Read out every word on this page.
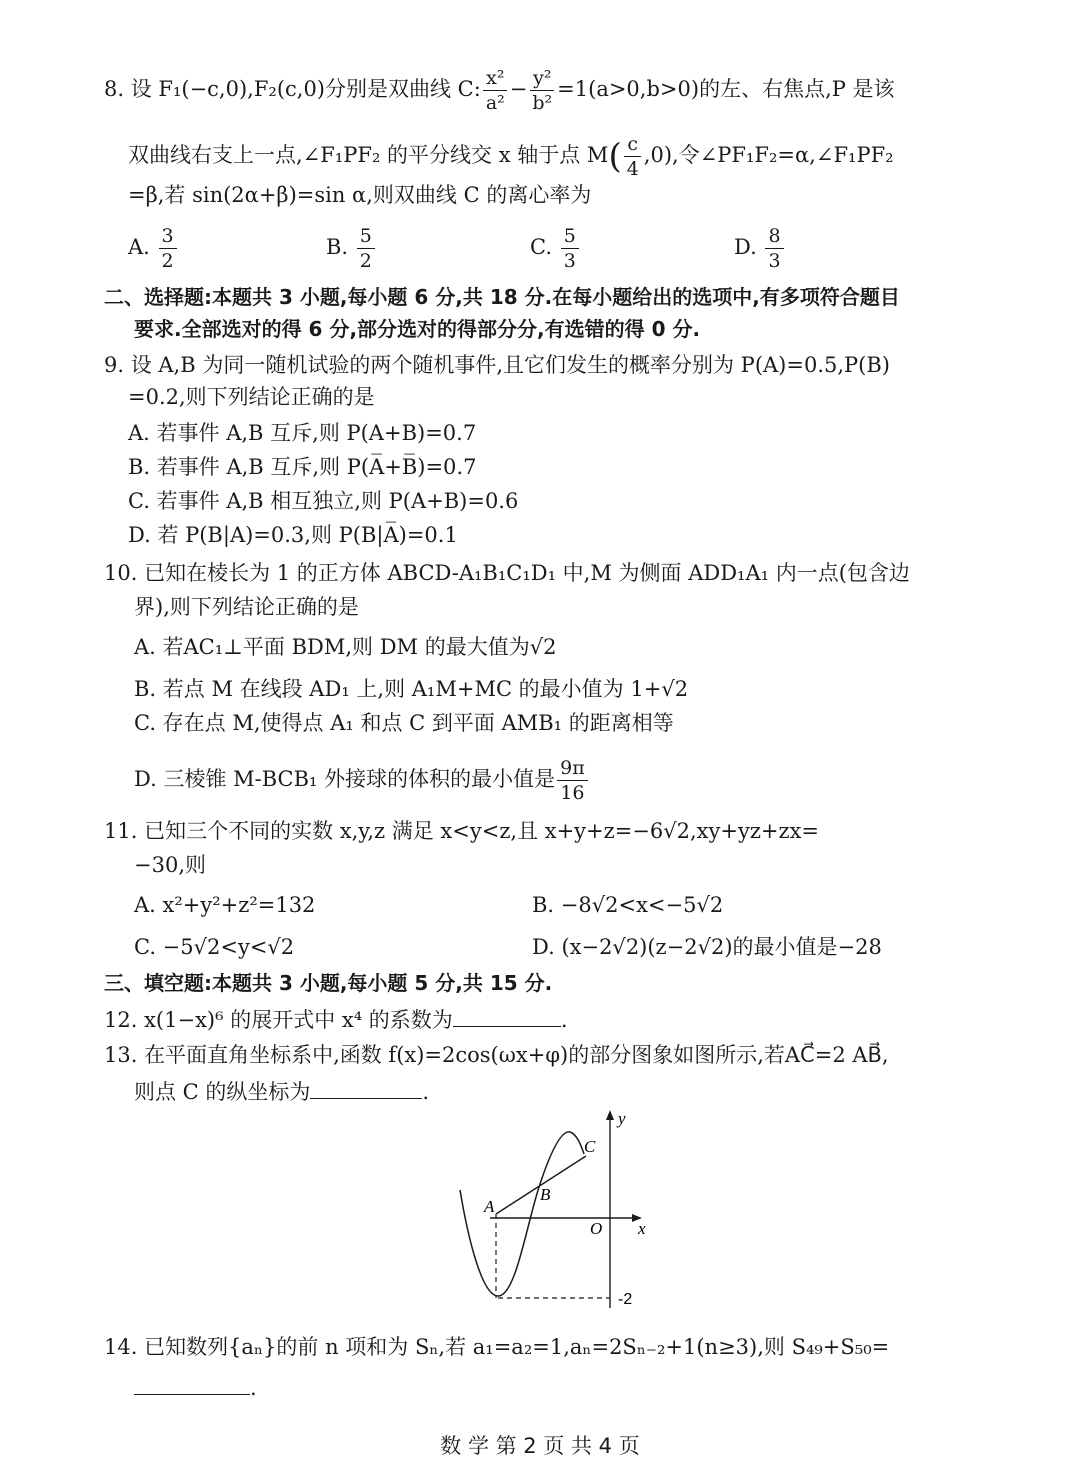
8. 设 F₁(−c,0),F₂(c,0)分别是双曲线 C: $\frac{\text{x²}}{\text{a²}} - \frac{\text{y²}}{\text{b²}} =1(a>0,b>0)$的左、右焦点,P 是该
双曲线右支上一点,∠F₁PF₂ 的平分线交 x 轴于点 $M( \frac{c}{4} ,0)$,令∠PF₁F₂=α,∠F₁PF₂
=β,若 sin(2α+β)=sin α,则双曲线 C 的离心率为
A. $\frac{3}{2}$	B. $\frac{5}{2}$	C. $\frac{5}{3}$	D. $\frac{8}{3}$
二、选择题:本题共 3 小题,每小题 6 分,共 18 分.在每小题给出的选项中,有多项符合题目
要求.全部选对的得 6 分,部分选对的得部分分,有选错的得 0 分.
9. 设 A,B 为同一随机试验的两个随机事件,且它们发生的概率分别为 P(A)=0.5,P(B)
=0.2,则下列结论正确的是
A. 若事件 A,B 互斥,则 P(A+B)=0.7
B. 若事件 A,B 互斥,则 P(A̅+B̅)=0.7
C. 若事件 A,B 相互独立,则 P(A+B)=0.6
D. 若 P(B|A)=0.3,则 P(B|A̅)=0.1
10. 已知在棱长为 1 的正方体 ABCD-A₁B₁C₁D₁ 中,M 为侧面 ADD₁A₁ 内一点(包含边
界),则下列结论正确的是
A. 若AC₁⊥平面 BDM,则 DM 的最大值为√2
B. 若点 M 在线段 AD₁ 上,则 A₁M+MC 的最小值为 1+√2
C. 存在点 M,使得点 A₁ 和点 C 到平面 AMB₁ 的距离相等
D. 三棱锥 M-BCB₁ 外接球的体积的最小值是 $\frac{9\pi}{16}$
11. 已知三个不同的实数 x,y,z 满足 x<y<z,且 x+y+z=−6√2,xy+yz+zx=
−30,则
A. x²+y²+z²=132	B. −8√2<x<−5√2
C. −5√2<y<√2	D. (x−2√2)(z−2√2)的最小值是−28
三、填空题:本题共 3 小题,每小题 5 分,共 15 分.
12. x(1−x)⁶ 的展开式中 x⁴ 的系数为	.
13. 在平面直角坐标系中,函数 f(x)=2cos(ωx+φ)的部分图象如图所示,若AC⃗=2 AB⃗,
则点 C 的纵坐标为	.
y
x
O
A
B
C
-2
14. 已知数列{aₙ}的前 n 项和为 Sₙ,若 a₁=a₂=1,aₙ=2Sₙ₋₂+1(n≥3),则 S₄₉+S₅₀=
.
数 学 第 2 页 共 4 页
